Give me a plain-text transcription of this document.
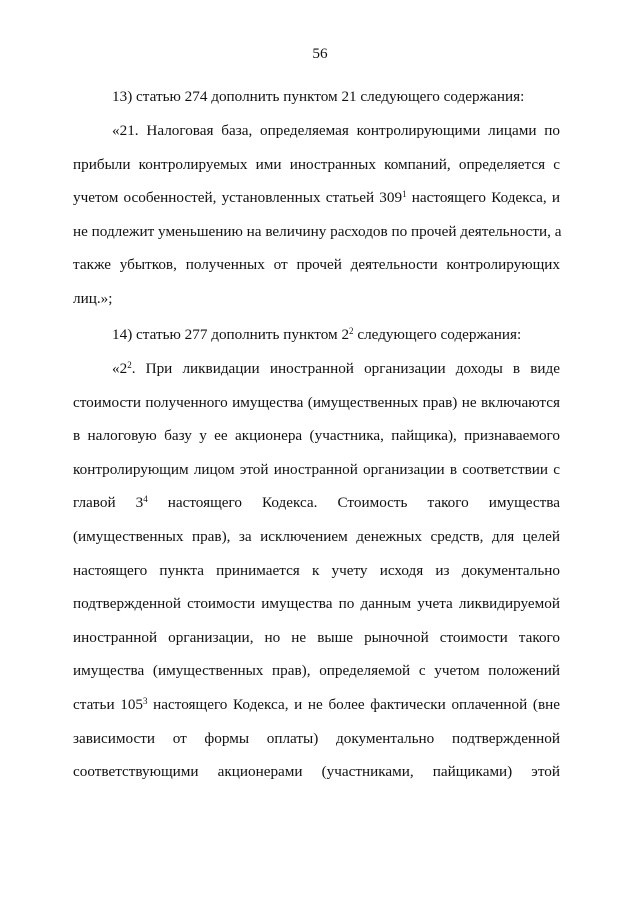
56

13) статью 274 дополнить пунктом 21 следующего содержания:

«21. Налоговая база, определяемая контролирующими лицами по
прибыли контролируемых ими иностранных компаний, определяется с
учетом особенностей, установленных статьей $309^1$ настоящего Кодекса, и
не подлежит уменьшению на величину расходов по прочей деятельности, а
также убытков, полученных от прочей деятельности контролирующих
лиц.»;

14) статью 277 дополнить пунктом $2^2$ следующего содержания:

«$2^2$. При ликвидации иностранной организации доходы в виде
стоимости полученного имущества (имущественных прав) не включаются
в налоговую базу у ее акционера (участника, пайщика), признаваемого
контролирующим лицом этой иностранной организации в соответствии с
главой $3^4$ настоящего Кодекса. Стоимость такого имущества
(имущественных прав), за исключением денежных средств, для целей
настоящего пункта принимается к учету исходя из документально
подтвержденной стоимости имущества по данным учета ликвидируемой
иностранной организации, но не выше рыночной стоимости такого
имущества (имущественных прав), определяемой с учетом положений
статьи $105^3$ настоящего Кодекса, и не более фактически оплаченной (вне
зависимости от формы оплаты) документально подтвержденной
соответствующими акционерами (участниками, пайщиками) этой
